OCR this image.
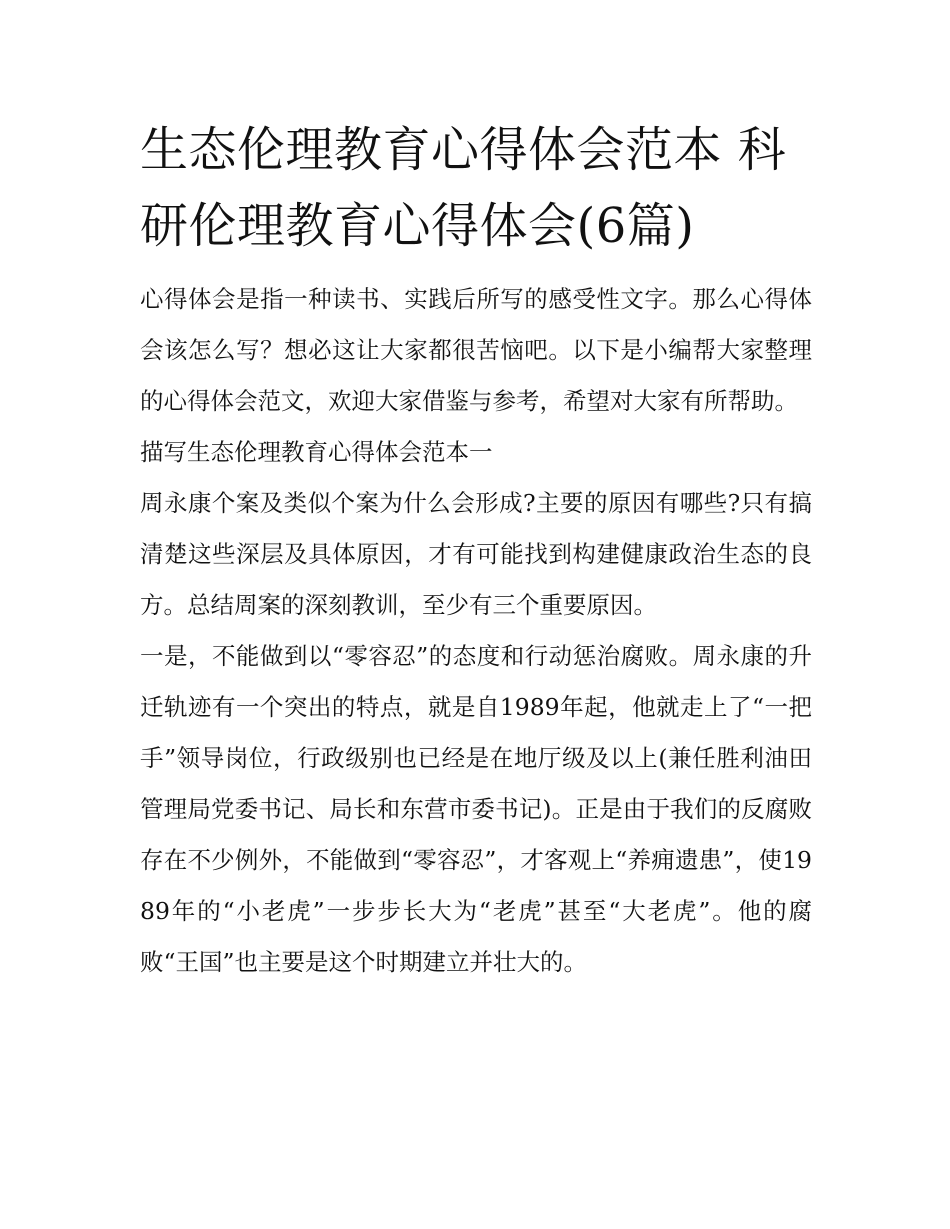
生态伦理教育心得体会范本 科研伦理教育心得体会(6篇)

心得体会是指一种读书、实践后所写的感受性文字。那么心得体会该怎么写？想必这让大家都很苦恼吧。以下是小编帮大家整理的心得体会范文，欢迎大家借鉴与参考，希望对大家有所帮助。

描写生态伦理教育心得体会范本一

周永康个案及类似个案为什么会形成?主要的原因有哪些?只有搞清楚这些深层及具体原因，才有可能找到构建健康政治生态的良方。总结周案的深刻教训，至少有三个重要原因。

一是，不能做到以“零容忍”的态度和行动惩治腐败。周永康的升迁轨迹有一个突出的特点，就是自1989年起，他就走上了“一把手”领导岗位，行政级别也已经是在地厅级及以上(兼任胜利油田管理局党委书记、局长和东营市委书记)。正是由于我们的反腐败存在不少例外，不能做到“零容忍”，才客观上“养痈遗患”，使1989年的“小老虎”一步步长大为“老虎”甚至“大老虎”。他的腐败“王国”也主要是这个时期建立并壮大的。
